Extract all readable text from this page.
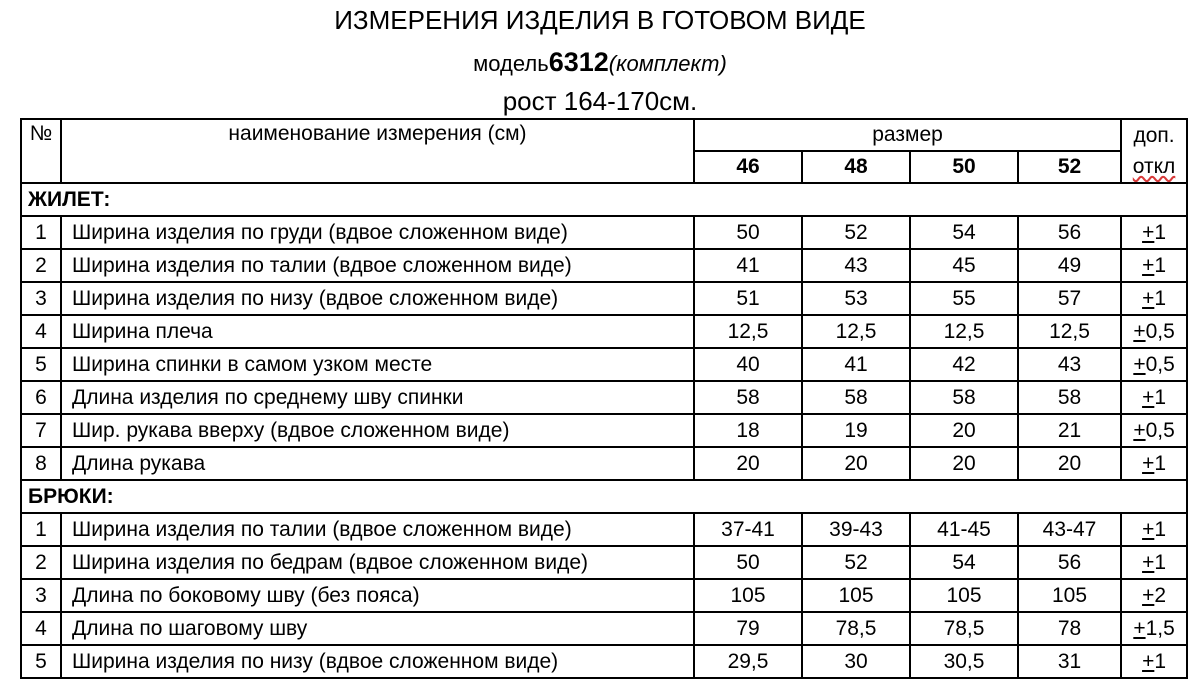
ИЗМЕРЕНИЯ ИЗДЕЛИЯ В ГОТОВОМ ВИДЕ
модель6312(комплект)
рост 164-170см.
№	наименование измерения (см)	размер				доп.
		46	48	50	52	откл
ЖИЛЕТ:						
1	Ширина изделия по груди (вдвое сложенном виде)	50	52	54	56	+1
2	Ширина изделия по талии (вдвое сложенном виде)	41	43	45	49	+1
3	Ширина изделия по низу (вдвое сложенном виде)	51	53	55	57	+1
4	Ширина плеча	12,5	12,5	12,5	12,5	+0,5
5	Ширина спинки в самом узком месте	40	41	42	43	+0,5
6	Длина изделия по среднему шву спинки	58	58	58	58	+1
7	Шир. рукава вверху (вдвое сложенном виде)	18	19	20	21	+0,5
8	Длина рукава	20	20	20	20	+1
БРЮКИ:						
1	Ширина изделия по талии (вдвое сложенном виде)	37-41	39-43	41-45	43-47	+1
2	Ширина изделия по бедрам (вдвое сложенном виде)	50	52	54	56	+1
3	Длина по боковому шву (без пояса)	105	105	105	105	+2
4	Длина по шаговому шву	79	78,5	78,5	78	+1,5
5	Ширина изделия по низу (вдвое сложенном виде)	29,5	30	30,5	31	+1
